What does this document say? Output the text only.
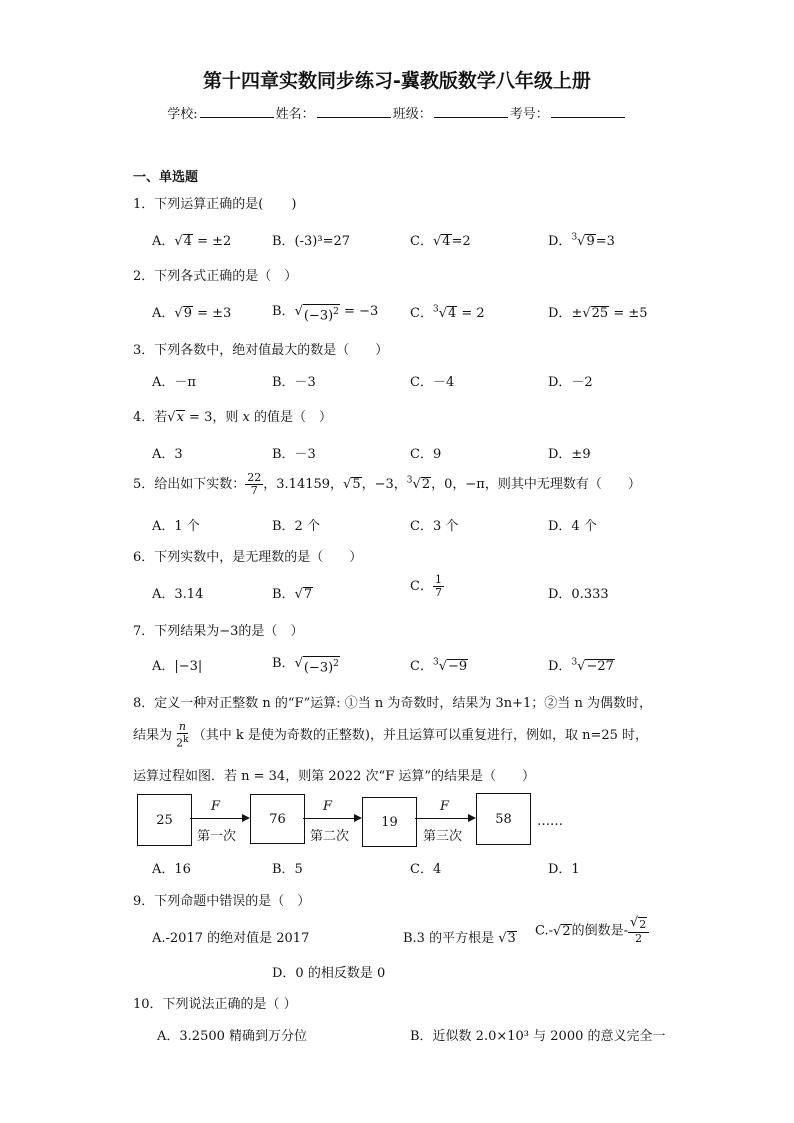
第十四章实数同步练习-冀教版数学八年级上册
学校:	姓名：	班级：	考号：
一、单选题
1．下列运算正确的是( )
A． √ 4 = ±2	B．(-3)³=27	C． √ 4 =2	D．$^3$ √ 9 =3
2．下列各式正确的是（　）
A． √ 9 = ±3	B． √ $(-3)^2 = -3$ C．$^3$ √ 4 = 2	D．± √ 25 = ±5
3．下列各数中，绝对值最大的数是（　　）
A．－π	B．－3	C．－4	D．－2
4．若 √ x = 3，则 x 的值是（　）
A．3	B．－3	C．9	D．±9
5．给出如下实数： $\frac{22}{7}$ ，3.14159， √ 5 ，−3，$^3$ √ 2 ，0，−π，则其中无理数有（　　）
A．1 个	B．2 个	C．3 个	D．4 个
6．下列实数中，是无理数的是（　　）
A．3.14	B． √ 7
C． $\frac{1}{7}$	D．0.333
7．下列结果为−3的是（　）
A．|−3|	B． √ $(-3)^2$	C．$^3$ √ −9	D．$^3$ √ −27
8．定义一种对正整数 n 的“F”运算: ①当 n 为奇数时，结果为 3n+1；②当 n 为偶数时，
结果为 $\frac{n}{2^k}$ （其中 k 是使为奇数的正整数)，并且运算可以重复进行，例如，取 n=25 时，
运算过程如图．若 n = 34，则第 2022 次“F 运算”的结果是（　　）
25
F
第一次
76
F
第二次
19
F
第三次
58	……
A．16	B．5	C．4	D．1
9．下列命题中错误的是（　）
A.-2017 的绝对值是 2017	B.3 的平方根是 √ 3 C.- √ 2 的倒数是- $\frac{√ 2}{2}$
D．0 的相反数是 0
10．下列说法正确的是（ ）
A．3.2500 精确到万分位	B．近似数 2.0×10³ 与 2000 的意义完全一
